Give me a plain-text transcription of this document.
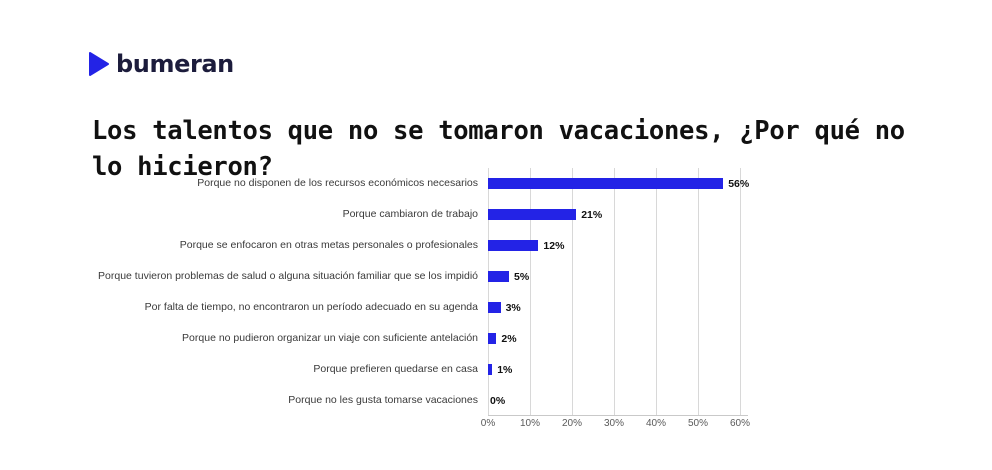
bumeran
Los talentos que no se tomaron vacaciones, ¿Por qué no lo hicieron?
Porque no disponen de los recursos económicos necesarios	56%
Porque cambiaron de trabajo	21%
Porque se enfocaron en otras metas personales o profesionales	12%
Porque tuvieron problemas de salud o alguna situación familiar que se los impidió	5%
Por falta de tiempo, no encontraron un período adecuado en su agenda	3%
Porque no pudieron organizar un viaje con suficiente antelación	2%
Porque prefieren quedarse en casa	1%
Porque no les gusta tomarse vacaciones	0%
0% 10% 20% 30% 40% 50% 60%
